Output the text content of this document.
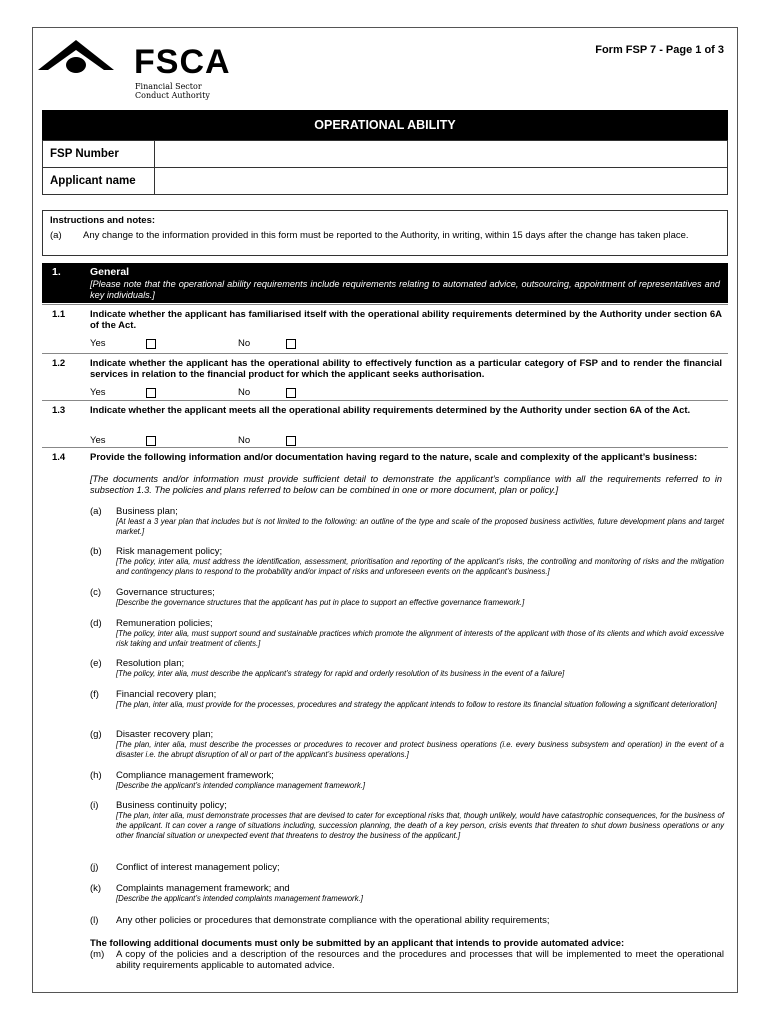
FSCA
Financial Sector
Conduct Authority
Form FSP 7 - Page 1 of 3
OPERATIONAL ABILITY
FSP Number	
Applicant name	
Instructions and notes:
(a) Any change to the information provided in this form must be reported to the Authority, in writing, within 15 days after the change has taken place.
1.	General
[Please note that the operational ability requirements include requirements relating to automated advice, outsourcing, appointment of representatives and key individuals.]
1.1	Indicate whether the applicant has familiarised itself with the operational ability requirements determined by the Authority under section 6A of the Act.
Yes	No
1.2	Indicate whether the applicant has the operational ability to effectively function as a particular category of FSP and to render the financial services in relation to the financial product for which the applicant seeks authorisation.
Yes	No
1.3	Indicate whether the applicant meets all the operational ability requirements determined by the Authority under section 6A of the Act.
Yes	No
1.4	Provide the following information and/or documentation having regard to the nature, scale and complexity of the applicant’s business:
[The documents and/or information must provide sufficient detail to demonstrate the applicant’s compliance with all the requirements referred to in subsection 1.3. The policies and plans referred to below can be combined in one or more document, plan or policy.]
(a) Business plan;
[At least a 3 year plan that includes but is not limited to the following: an outline of the type and scale of the proposed business activities, future development plans and target market.]
(b) Risk management policy;
[The policy, inter alia, must address the identification, assessment, prioritisation and reporting of the applicant’s risks, the controlling and monitoring of risks and the mitigation and contingency plans to respond to the probability and/or impact of risks and unforeseen events on the applicant’s business.]
(c) Governance structures;
[Describe the governance structures that the applicant has put in place to support an effective governance framework.]
(d) Remuneration policies;
[The policy, inter alia, must support sound and sustainable practices which promote the alignment of interests of the applicant with those of its clients and which avoid excessive risk taking and unfair treatment of clients.]
(e) Resolution plan;
[The policy, inter alia, must describe the applicant’s strategy for rapid and orderly resolution of its business in the event of a failure]
(f) Financial recovery plan;
[The plan, inter alia, must provide for the processes, procedures and strategy the applicant intends to follow to restore its financial situation following a significant deterioration]
(g) Disaster recovery plan;
[The plan, inter alia, must describe the processes or procedures to recover and protect business operations (i.e. every business subsystem and operation) in the event of a disaster i.e. the abrupt disruption of all or part of the applicant’s business operations.]
(h) Compliance management framework;
[Describe the applicant’s intended compliance management framework.]
(i) Business continuity policy;
[The plan, inter alia, must demonstrate processes that are devised to cater for exceptional risks that, though unlikely, would have catastrophic consequences, for the business of the applicant. It can cover a range of situations including, succession planning, the death of a key person, crisis events that threaten to shut down business operations or any other financial situation or unexpected event that threatens to destroy the business of the applicant.]
(j) Conflict of interest management policy;
(k) Complaints management framework; and
[Describe the applicant’s intended complaints management framework.]
(l) Any other policies or procedures that demonstrate compliance with the operational ability requirements;
The following additional documents must only be submitted by an applicant that intends to provide automated advice:
(m) A copy of the policies and a description of the resources and the procedures and processes that will be implemented to meet the operational ability requirements applicable to automated advice.
